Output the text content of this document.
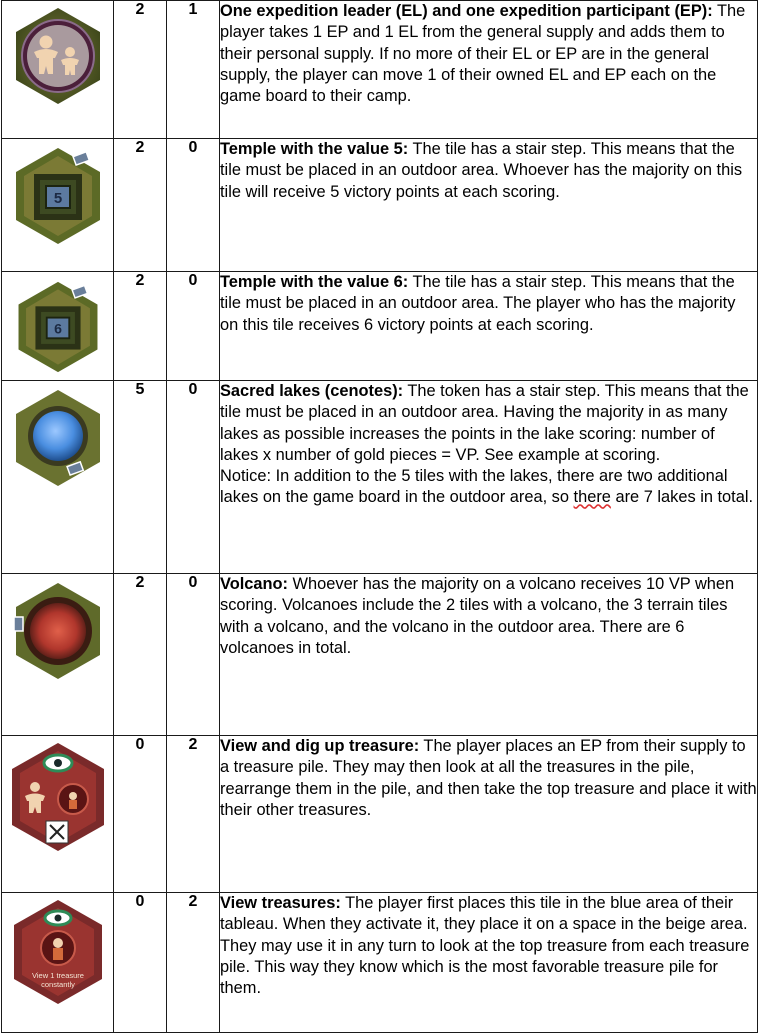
	2	1	One expedition leader (EL) and one expedition participant (EP): The player takes 1 EP and 1 EL from the general supply and adds them to their personal supply. If no more of their EL or EP are in the general supply, the player can move 1 of their owned EL and EP each on the game board to their camp.

5	2	0	Temple with the value 5: The tile has a stair step. This means that the tile must be placed in an outdoor area. Whoever has the majority on this tile will receive 5 victory points at each scoring.

6	2	0	Temple with the value 6: The tile has a stair step. This means that the tile must be placed in an outdoor area. The player who has the majority on this tile receives 6 victory points at each scoring.

	5	0	Sacred lakes (cenotes): The token has a stair step. This means that the tile must be placed in an outdoor area. Having the majority in as many lakes as possible increases the points in the lake scoring: number of lakes x number of gold pieces = VP. See example at scoring.
Notice: In addition to the 5 tiles with the lakes, there are two additional lakes on the game board in the outdoor area, so there are 7 lakes in total.

	2	0	Volcano: Whoever has the majority on a volcano receives 10 VP when scoring. Volcanoes include the 2 tiles with a volcano, the 3 terrain tiles with a volcano, and the volcano in the outdoor area. There are 6 volcanoes in total.

	0	2	View and dig up treasure: The player places an EP from their supply to a treasure pile. They may then look at all the treasures in the pile, rearrange them in the pile, and then take the top treasure and place it with their other treasures.

View 1 treasure
constantly	0	2	View treasures: The player first places this tile in the blue area of their tableau. When they activate it, they place it on a space in the beige area. They may use it in any turn to look at the top treasure from each treasure pile. This way they know which is the most favorable treasure pile for them.
